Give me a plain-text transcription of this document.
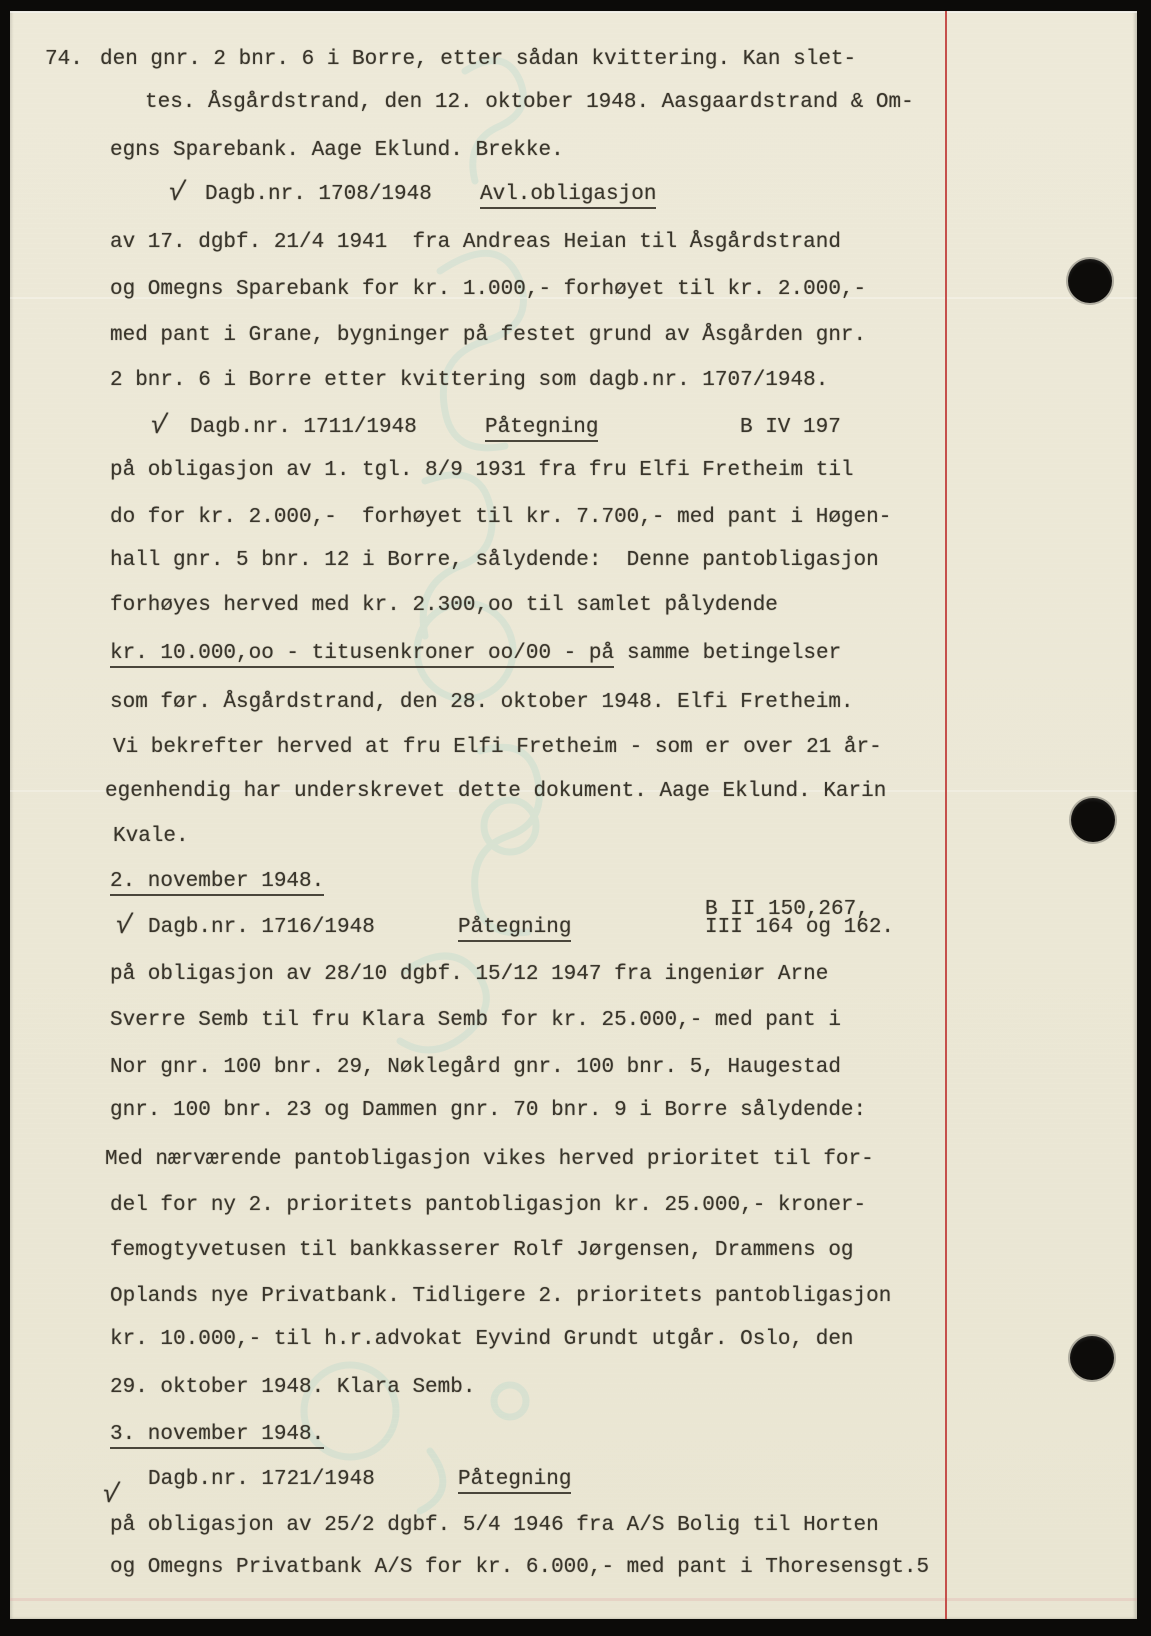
74. den gnr. 2 bnr. 6 i Borre, etter sådan kvittering. Kan slet-
tes. Åsgårdstrand, den 12. oktober 1948. Aasgaardstrand & Om-
egns Sparebank. Aage Eklund. Brekke.
√ Dagb.nr. 1708/1948 Avl.obligasjon
av 17. dgbf. 21/4 1941  fra Andreas Heian til Åsgårdstrand
og Omegns Sparebank for kr. 1.000,- forhøyet til kr. 2.000,-
med pant i Grane, bygninger på festet grund av Åsgården gnr.
2 bnr. 6 i Borre etter kvittering som dagb.nr. 1707/1948.
√ Dagb.nr. 1711/1948	Påtegning	B IV 197
på obligasjon av 1. tgl. 8/9 1931 fra fru Elfi Fretheim til
do for kr. 2.000,-  forhøyet til kr. 7.700,- med pant i Høgen-
hall gnr. 5 bnr. 12 i Borre, sålydende:  Denne pantobligasjon
forhøyes herved med kr. 2.300,oo til samlet pålydende
kr. 10.000,oo - titusenkroner oo/00 - på samme betingelser
som før. Åsgårdstrand, den 28. oktober 1948. Elfi Fretheim.
Vi bekrefter herved at fru Elfi Fretheim - som er over 21 år-
egenhendig har underskrevet dette dokument. Aage Eklund. Karin
Kvale.
2. november 1948.
B II 150,267,
√ Dagb.nr. 1716/1948	Påtegning	III 164 og 162.
på obligasjon av 28/10 dgbf. 15/12 1947 fra ingeniør Arne
Sverre Semb til fru Klara Semb for kr. 25.000,- med pant i
Nor gnr. 100 bnr. 29, Nøklegård gnr. 100 bnr. 5, Haugestad
gnr. 100 bnr. 23 og Dammen gnr. 70 bnr. 9 i Borre sålydende:
Med nærværende pantobligasjon vikes herved prioritet til for-
del for ny 2. prioritets pantobligasjon kr. 25.000,- kroner-
femogtyvetusen til bankkasserer Rolf Jørgensen, Drammens og
Oplands nye Privatbank. Tidligere 2. prioritets pantobligasjon
kr. 10.000,- til h.r.advokat Eyvind Grundt utgår. Oslo, den
29. oktober 1948. Klara Semb.
3. november 1948.
√
Dagb.nr. 1721/1948	Påtegning
på obligasjon av 25/2 dgbf. 5/4 1946 fra A/S Bolig til Horten
og Omegns Privatbank A/S for kr. 6.000,- med pant i Thoresensgt.5
